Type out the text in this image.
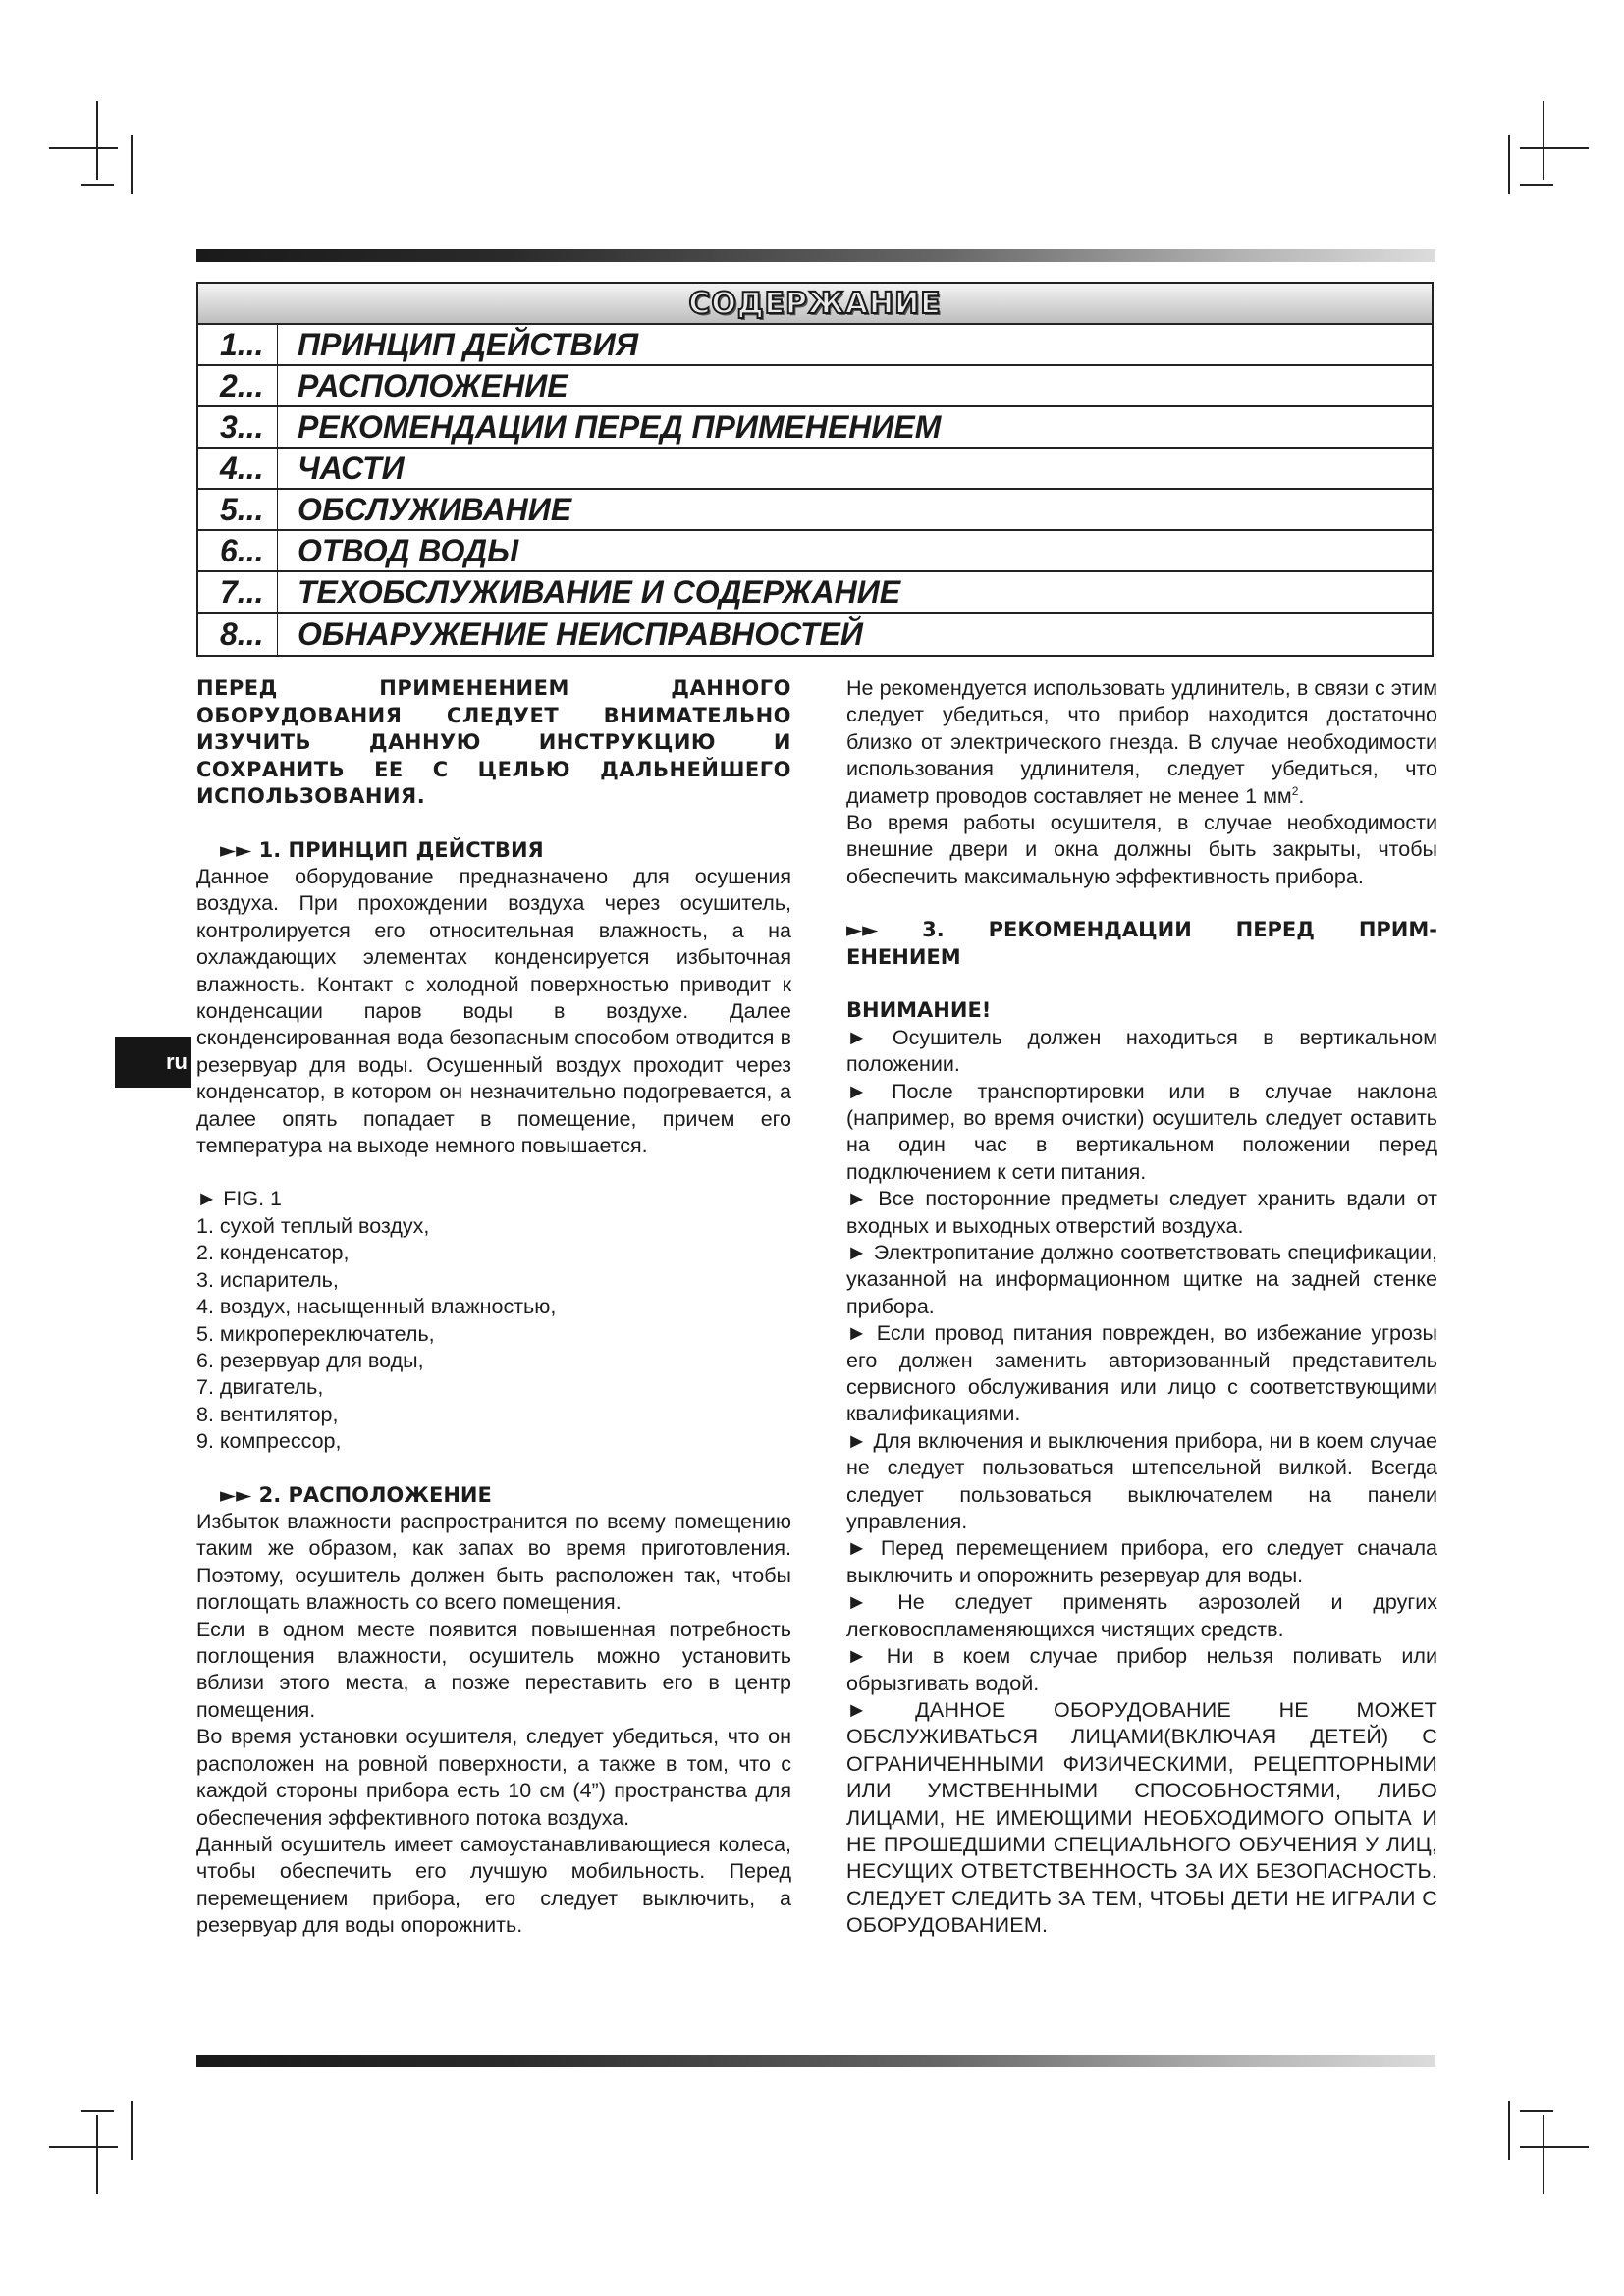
СОДЕРЖАНИЕ
1...	ПРИНЦИП ДЕЙСТВИЯ
2...	РАСПОЛОЖЕНИЕ
3...	РЕКОМЕНДАЦИИ ПЕРЕД ПРИМЕНЕНИЕМ
4...	ЧАСТИ
5...	ОБСЛУЖИВАНИЕ
6...	ОТВОД ВОДЫ
7...	ТЕХОБСЛУЖИВАНИЕ И СОДЕРЖАНИЕ
8...	ОБНАРУЖЕНИЕ НЕИСПРАВНОСТЕЙ
ru

ПЕРЕД ПРИМЕНЕНИЕМ ДАННОГО ОБОРУДОВАНИЯ СЛЕДУЕТ ВНИМАТЕЛЬНО ИЗУЧИТЬ ДАННУЮ ИНСТРУКЦИЮ И СОХРАНИТЬ ЕЕ С ЦЕЛЬЮ ДАЛЬНЕЙШЕГО ИСПОЛЬЗОВАНИЯ.

►► 1. ПРИНЦИП ДЕЙСТВИЯ

Данное оборудование предназначено для осушения воздуха. При прохождении воздуха через осушитель, контролируется его относительная влажность, а на охлаждающих элементах конденсируется избыточная влажность. Контакт с холодной поверхностью приводит к конденсации паров воды в воздухе. Далее сконденсированная вода безопасным способом отводится в резервуар для воды. Осушенный воздух проходит через конденсатор, в котором он незначительно подогревается, а далее опять попадает в помещение, причем его температура на выходе немного повышается.

► FIG. 1

1. сухой теплый воздух,

2. конденсатор,

3. испаритель,

4. воздух, насыщенный влажностью,

5. микропереключатель,

6. резервуар для воды,

7. двигатель,

8. вентилятор,

9. компрессор,

►► 2. РАСПОЛОЖЕНИЕ

Избыток влажности распространится по всему помещению таким же образом, как запах во время приготовления. Поэтому, осушитель должен быть расположен так, чтобы поглощать влажность со всего помещения.

Если в одном месте появится повышенная потребность поглощения влажности, осушитель можно установить вблизи этого места, а позже переставить его в центр помещения.

Во время установки осушителя, следует убедиться, что он расположен на ровной поверхности, а также в том, что с каждой стороны прибора есть 10 см (4”) пространства для обеспечения эффективного потока воздуха.

Данный осушитель имеет самоустанавливающиеся колеса, чтобы обеспечить его лучшую мобильность. Перед перемещением прибора, его следует выключить, а резервуар для воды опорожнить.

Не рекомендуется использовать удлинитель, в связи с этим следует убедиться, что прибор находится достаточно близко от электрического гнезда. В случае необходимости использования удлинителя, следует убедиться, что диаметр проводов составляет не менее 1 $мм^2$.

Во время работы осушителя, в случае необходимости внешние двери и окна должны быть закрыты, чтобы обеспечить максимальную эффективность прибора.

►► 3. РЕКОМЕНДАЦИИ ПЕРЕД ПРИМ-

ЕНЕНИЕМ

ВНИМАНИЕ!

► Осушитель должен находиться в вертикальном положении.

► После транспортировки или в случае наклона (например, во время очистки) осушитель следует оставить на один час в вертикальном положении перед подключением к сети питания.

► Все посторонние предметы следует хранить вдали от входных и выходных отверстий воздуха.

► Электропитание должно соответствовать спецификации, указанной на информационном щитке на задней стенке прибора.

► Если провод питания поврежден, во избежание угрозы его должен заменить авторизованный представитель сервисного обслуживания или лицо с соответствующими квалификациями.

► Для включения и выключения прибора, ни в коем случае не следует пользоваться штепсельной вилкой. Всегда следует пользоваться выключателем на панели управления.

► Перед перемещением прибора, его следует сначала выключить и опорожнить резервуар для воды.

► Не следует применять аэрозолей и других легковоспламеняющихся чистящих средств.

► Ни в коем случае прибор нельзя поливать или обрызгивать водой.

► ДАННОЕ ОБОРУДОВАНИЕ НЕ МОЖЕТ ОБСЛУЖИВАТЬСЯ ЛИЦАМИ(ВКЛЮЧАЯ ДЕТЕЙ) С ОГРАНИЧЕННЫМИ ФИЗИЧЕСКИМИ, РЕЦЕПТОРНЫМИ ИЛИ УМСТВЕННЫМИ СПОСОБНОСТЯМИ, ЛИБО ЛИЦАМИ, НЕ ИМЕЮЩИМИ НЕОБХОДИМОГО ОПЫТА И НЕ ПРОШЕДШИМИ СПЕЦИАЛЬНОГО ОБУЧЕНИЯ У ЛИЦ, НЕСУЩИХ ОТВЕТСТВЕННОСТЬ ЗА ИХ БЕЗОПАСНОСТЬ. СЛЕДУЕТ СЛЕДИТЬ ЗА ТЕМ, ЧТОБЫ ДЕТИ НЕ ИГРАЛИ С ОБОРУДОВАНИЕМ.
